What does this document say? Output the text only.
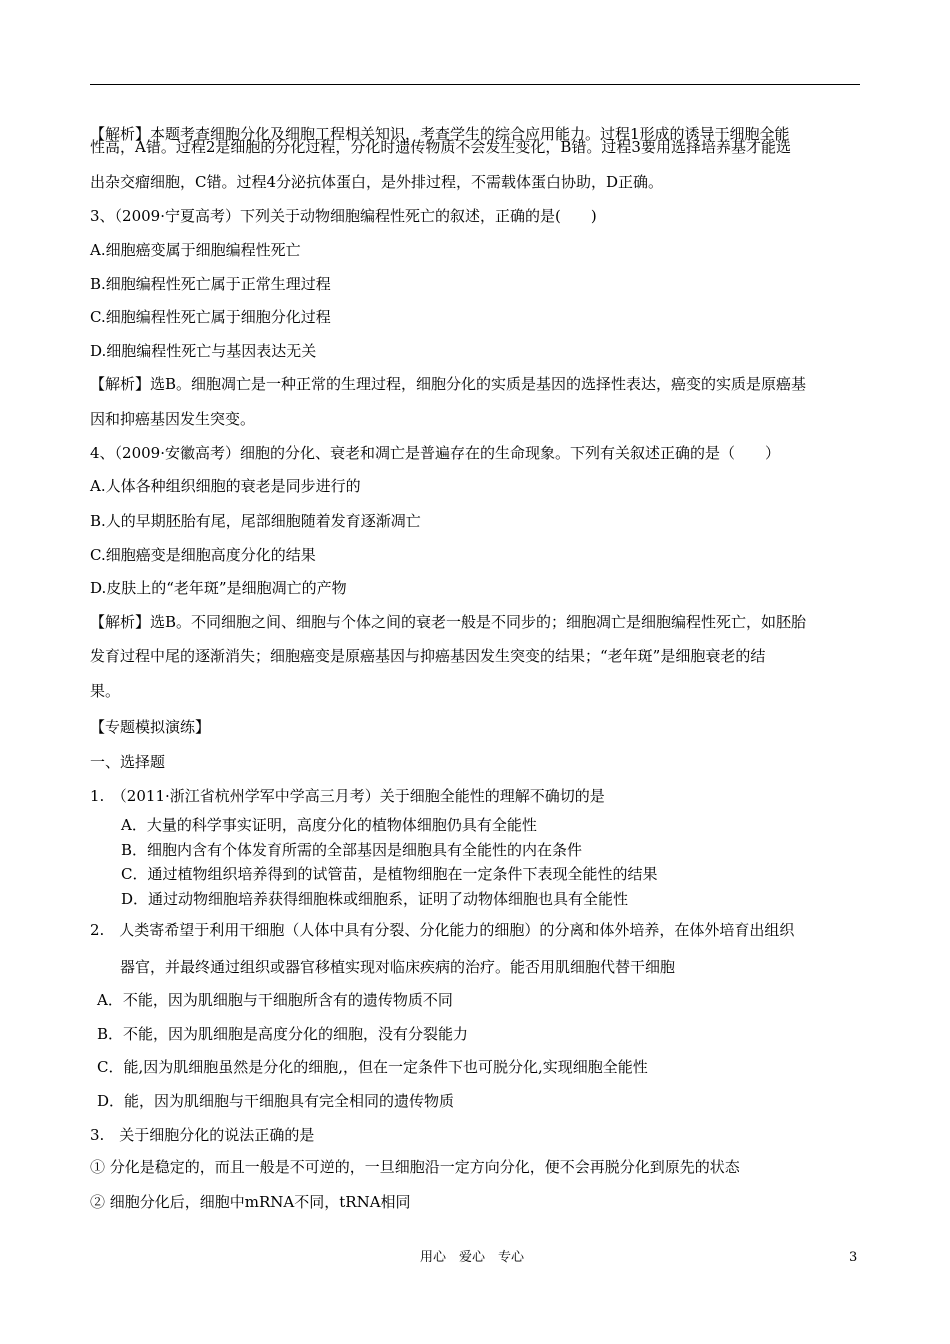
【解析】本题考查细胞分化及细胞工程相关知识，考查学生的综合应用能力。过程1形成的诱导干细胞全能
性高，A错。过程2是细胞的分化过程，分化时遗传物质不会发生变化，B错。过程3要用选择培养基才能选
出杂交瘤细胞，C错。过程4分泌抗体蛋白，是外排过程，不需载体蛋白协助，D正确。
3、（2009·宁夏高考）下列关于动物细胞编程性死亡的叙述，正确的是(　　)
A.细胞癌变属于细胞编程性死亡
B.细胞编程性死亡属于正常生理过程
C.细胞编程性死亡属于细胞分化过程
D.细胞编程性死亡与基因表达无关
【解析】选B。细胞凋亡是一种正常的生理过程，细胞分化的实质是基因的选择性表达，癌变的实质是原癌基
因和抑癌基因发生突变。
4、（2009·安徽高考）细胞的分化、衰老和凋亡是普遍存在的生命现象。下列有关叙述正确的是（　　）
A.人体各种组织细胞的衰老是同步进行的
B.人的早期胚胎有尾，尾部细胞随着发育逐渐凋亡
C.细胞癌变是细胞高度分化的结果
D.皮肤上的“老年斑”是细胞凋亡的产物
【解析】选B。不同细胞之间、细胞与个体之间的衰老一般是不同步的；细胞凋亡是细胞编程性死亡，如胚胎
发育过程中尾的逐渐消失；细胞癌变是原癌基因与抑癌基因发生突变的结果；“老年斑”是细胞衰老的结
果。
【专题模拟演练】
一、选择题
1.　（2011·浙江省杭州学军中学高三月考）关于细胞全能性的理解不确切的是
A．大量的科学事实证明，高度分化的植物体细胞仍具有全能性
B．细胞内含有个体发育所需的全部基因是细胞具有全能性的内在条件
C．通过植物组织培养得到的试管苗，是植物细胞在一定条件下表现全能性的结果
D．通过动物细胞培养获得细胞株或细胞系，证明了动物体细胞也具有全能性
2.　人类寄希望于利用干细胞（人体中具有分裂、分化能力的细胞）的分离和体外培养，在体外培育出组织
　　器官，并最终通过组织或器官移植实现对临床疾病的治疗。能否用肌细胞代替干细胞
A．不能，因为肌细胞与干细胞所含有的遗传物质不同
B．不能，因为肌细胞是高度分化的细胞，没有分裂能力
C．能,因为肌细胞虽然是分化的细胞,，但在一定条件下也可脱分化,实现细胞全能性
D．能，因为肌细胞与干细胞具有完全相同的遗传物质
3.　关于细胞分化的说法正确的是
① 分化是稳定的，而且一般是不可逆的，一旦细胞沿一定方向分化，便不会再脱分化到原先的状态
② 细胞分化后，细胞中mRNA不同，tRNA相同
用心　爱心　专心	3
